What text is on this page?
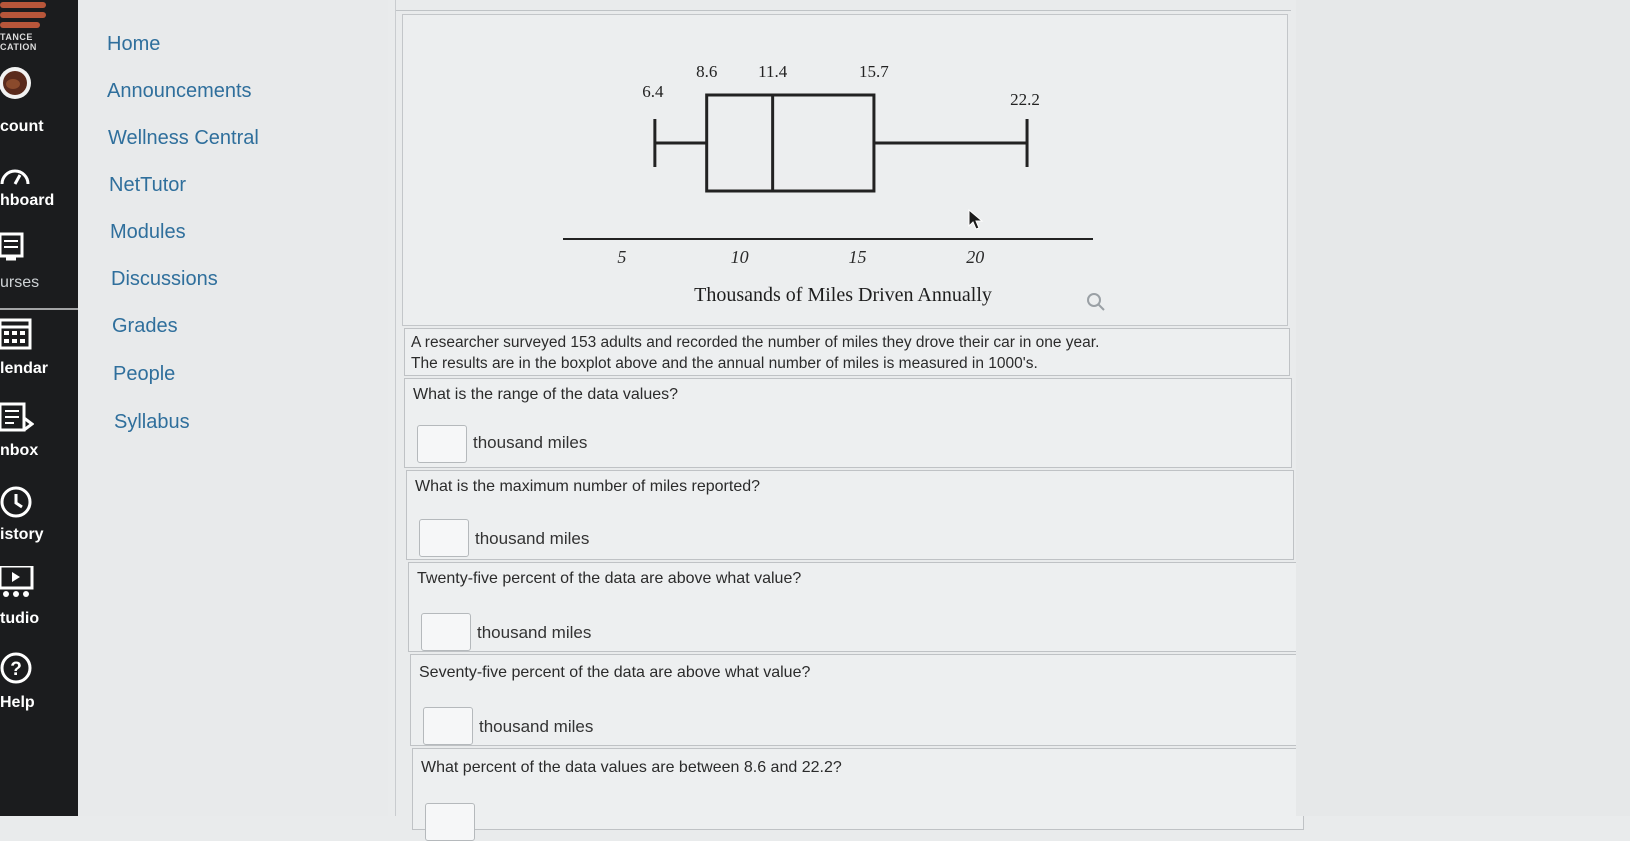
TANCE
CATION
count
hboard
urses
lendar
nbox
istory
tudio
?
Help
Home
Announcements
Wellness Central
NetTutor
Modules
Discussions
Grades
People
Syllabus
5	10	15	20
6.4
8.6 11.4	15.7
22.2
Thousands of Miles Driven Annually
A researcher surveyed 153 adults and recorded the number of miles they drove their car in one year.
The results are in the boxplot above and the annual number of miles is measured in 1000's.
What is the range of the data values?
thousand miles
What is the maximum number of miles reported?
thousand miles
Twenty-five percent of the data are above what value?
thousand miles
Seventy-five percent of the data are above what value?
thousand miles
What percent of the data values are between 8.6 and 22.2?
